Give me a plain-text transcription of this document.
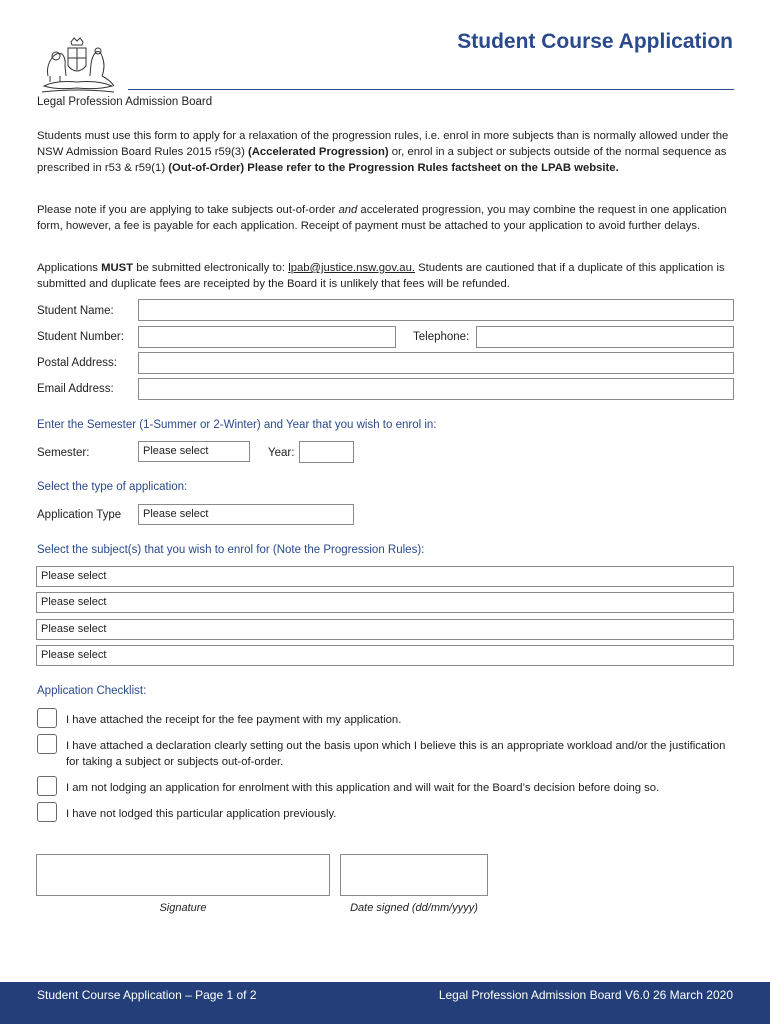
Student Course Application
Legal Profession Admission Board
Students must use this form to apply for a relaxation of the progression rules, i.e. enrol in more subjects than is normally allowed under the NSW Admission Board Rules 2015 r59(3) (Accelerated Progression) or, enrol in a subject or subjects outside of the normal sequence as prescribed in r53 & r59(1) (Out-of-Order) Please refer to the Progression Rules factsheet on the LPAB website.
Please note if you are applying to take subjects out-of-order and accelerated progression, you may combine the request in one application form, however, a fee is payable for each application. Receipt of payment must be attached to your application to avoid further delays.
Applications MUST be submitted electronically to: lpab@justice.nsw.gov.au. Students are cautioned that if a duplicate of this application is submitted and duplicate fees are receipted by the Board it is unlikely that fees will be refunded.
Student Name:
Student Number:	Telephone:
Postal Address:
Email Address:
Enter the Semester (1-Summer or 2-Winter) and Year that you wish to enrol in:
Semester:	Please select	Year:
Select the type of application:
Application Type	Please select
Select the subject(s) that you wish to enrol for (Note the Progression Rules):
Please select
Please select
Please select
Please select
Application Checklist:
I have attached the receipt for the fee payment with my application.
I have attached a declaration clearly setting out the basis upon which I believe this is an appropriate workload and/or the justification for taking a subject or subjects out-of-order.
I am not lodging an application for enrolment with this application and will wait for the Board’s decision before doing so.
I have not lodged this particular application previously.
Signature	Date signed (dd/mm/yyyy)
Student Course Application – Page 1 of 2	Legal Profession Admission Board V6.0 26 March 2020
